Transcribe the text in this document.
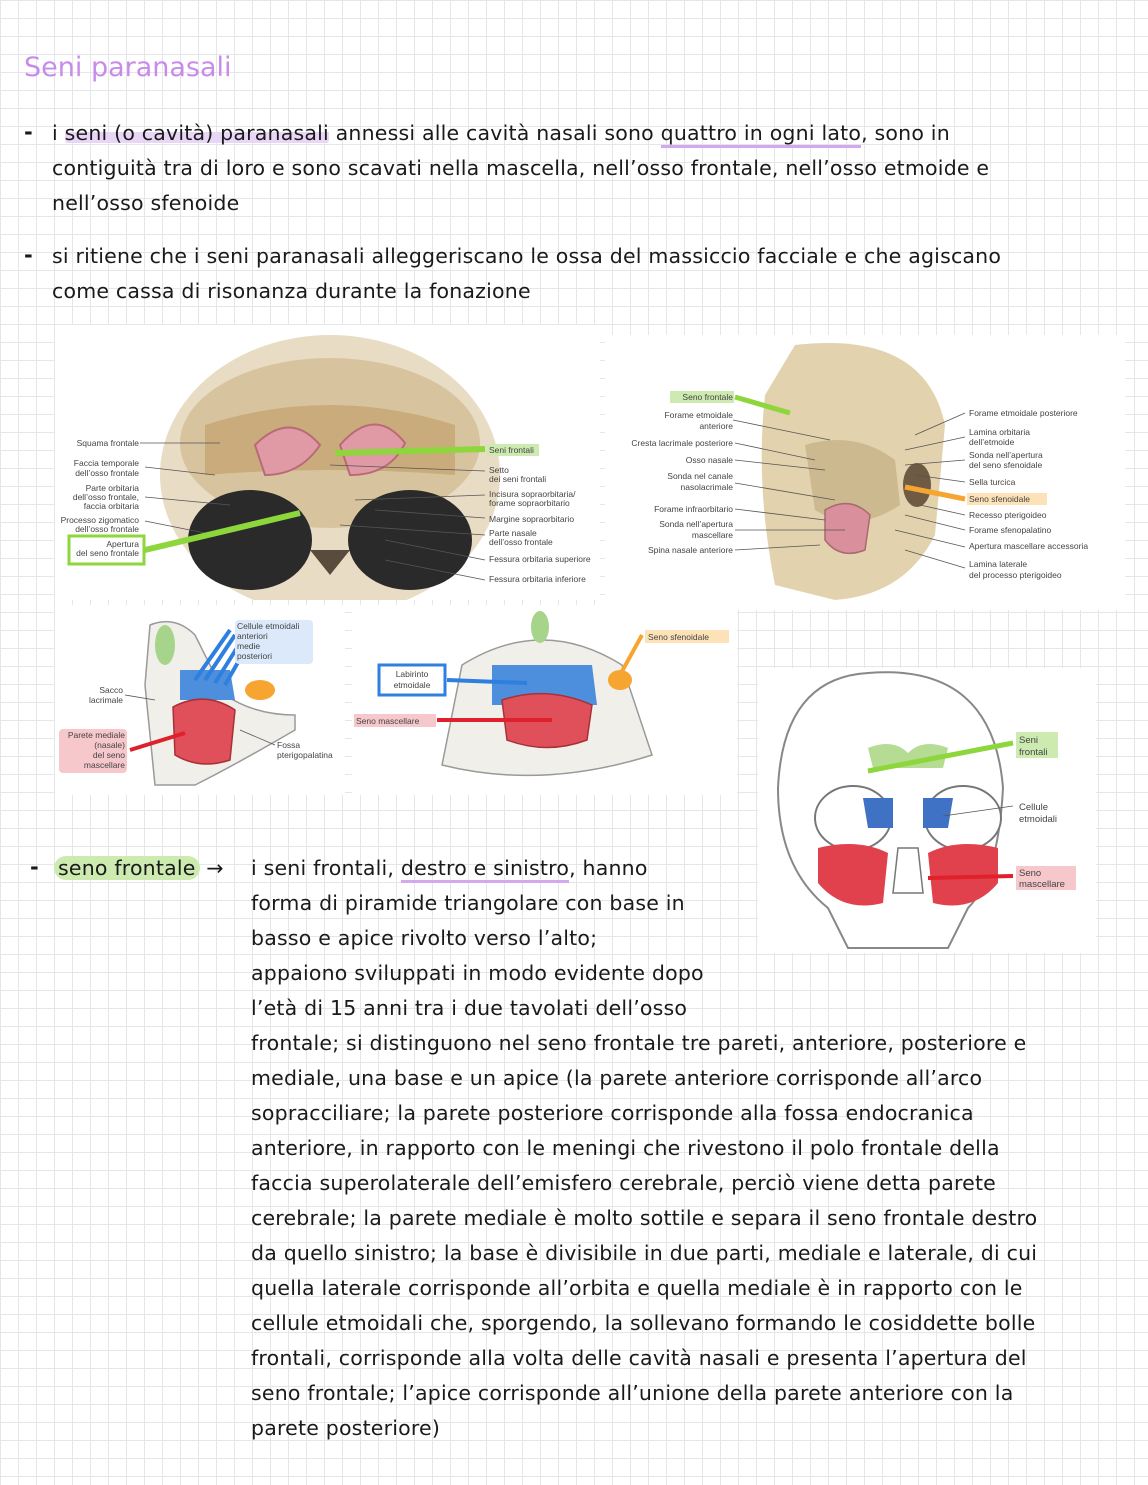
Seni paranasali
- i seni (o cavità) paranasali annessi alle cavità nasali sono quattro in ogni lato, sono in
contiguità tra di loro e sono scavati nella mascella, nell’osso frontale, nell’osso etmoide e
nell’osso sfenoide
- si ritiene che i seni paranasali alleggeriscano le ossa del massiccio facciale e che agiscano
come cassa di risonanza durante la fonazione
Squama frontale
Faccia temporale
dell’osso frontale
Parte orbitaria
dell’osso frontale,
faccia orbitaria
Processo zigomatico
dell’osso frontale
Apertura
del seno frontale
Seni frontali
Setto
dei seni frontali
Incisura sopraorbitaria/
forame sopraorbitario
Margine sopraorbitario
Parte nasale
dell’osso frontale
Fessura orbitaria superiore
Fessura orbitaria inferiore
Seno frontale
Forame etmoidale
anteriore
Cresta lacrimale posteriore
Osso nasale
Sonda nel canale
nasolacrimale
Forame infraorbitario
Sonda nell’apertura
mascellare
Spina nasale anteriore
Forame etmoidale posteriore
Lamina orbitaria
dell’etmoide
Sonda nell’apertura
del seno sfenoidale
Sella turcica
Seno sfenoidale
Recesso pterigoideo
Forame sfenopalatino
Apertura mascellare accessoria
Lamina laterale
del processo pterigoideo
Cellule etmoidali
anteriori
medie
posteriori
Sacco
lacrimale
Parete mediale
(nasale)
del seno
mascellare
Fossa
pterigopalatina
Seno sfenoidale
Labirinto
etmoidale
Seno mascellare
Seni
frontali
Cellule
etmoidali
Seno
mascellare
- seno frontale → i seni frontali, destro e sinistro, hanno
forma di piramide triangolare con base in
basso e apice rivolto verso l’alto;
appaiono sviluppati in modo evidente dopo
l’età di 15 anni tra i due tavolati dell’osso
frontale; si distinguono nel seno frontale tre pareti, anteriore, posteriore e
mediale, una base e un apice (la parete anteriore corrisponde all’arco
sopracciliare; la parete posteriore corrisponde alla fossa endocranica
anteriore, in rapporto con le meningi che rivestono il polo frontale della
faccia superolaterale dell’emisfero cerebrale, perciò viene detta parete
cerebrale; la parete mediale è molto sottile e separa il seno frontale destro
da quello sinistro; la base è divisibile in due parti, mediale e laterale, di cui
quella laterale corrisponde all’orbita e quella mediale è in rapporto con le
cellule etmoidali che, sporgendo, la sollevano formando le cosiddette bolle
frontali, corrisponde alla volta delle cavità nasali e presenta l’apertura del
seno frontale; l’apice corrisponde all’unione della parete anteriore con la
parete posteriore)
